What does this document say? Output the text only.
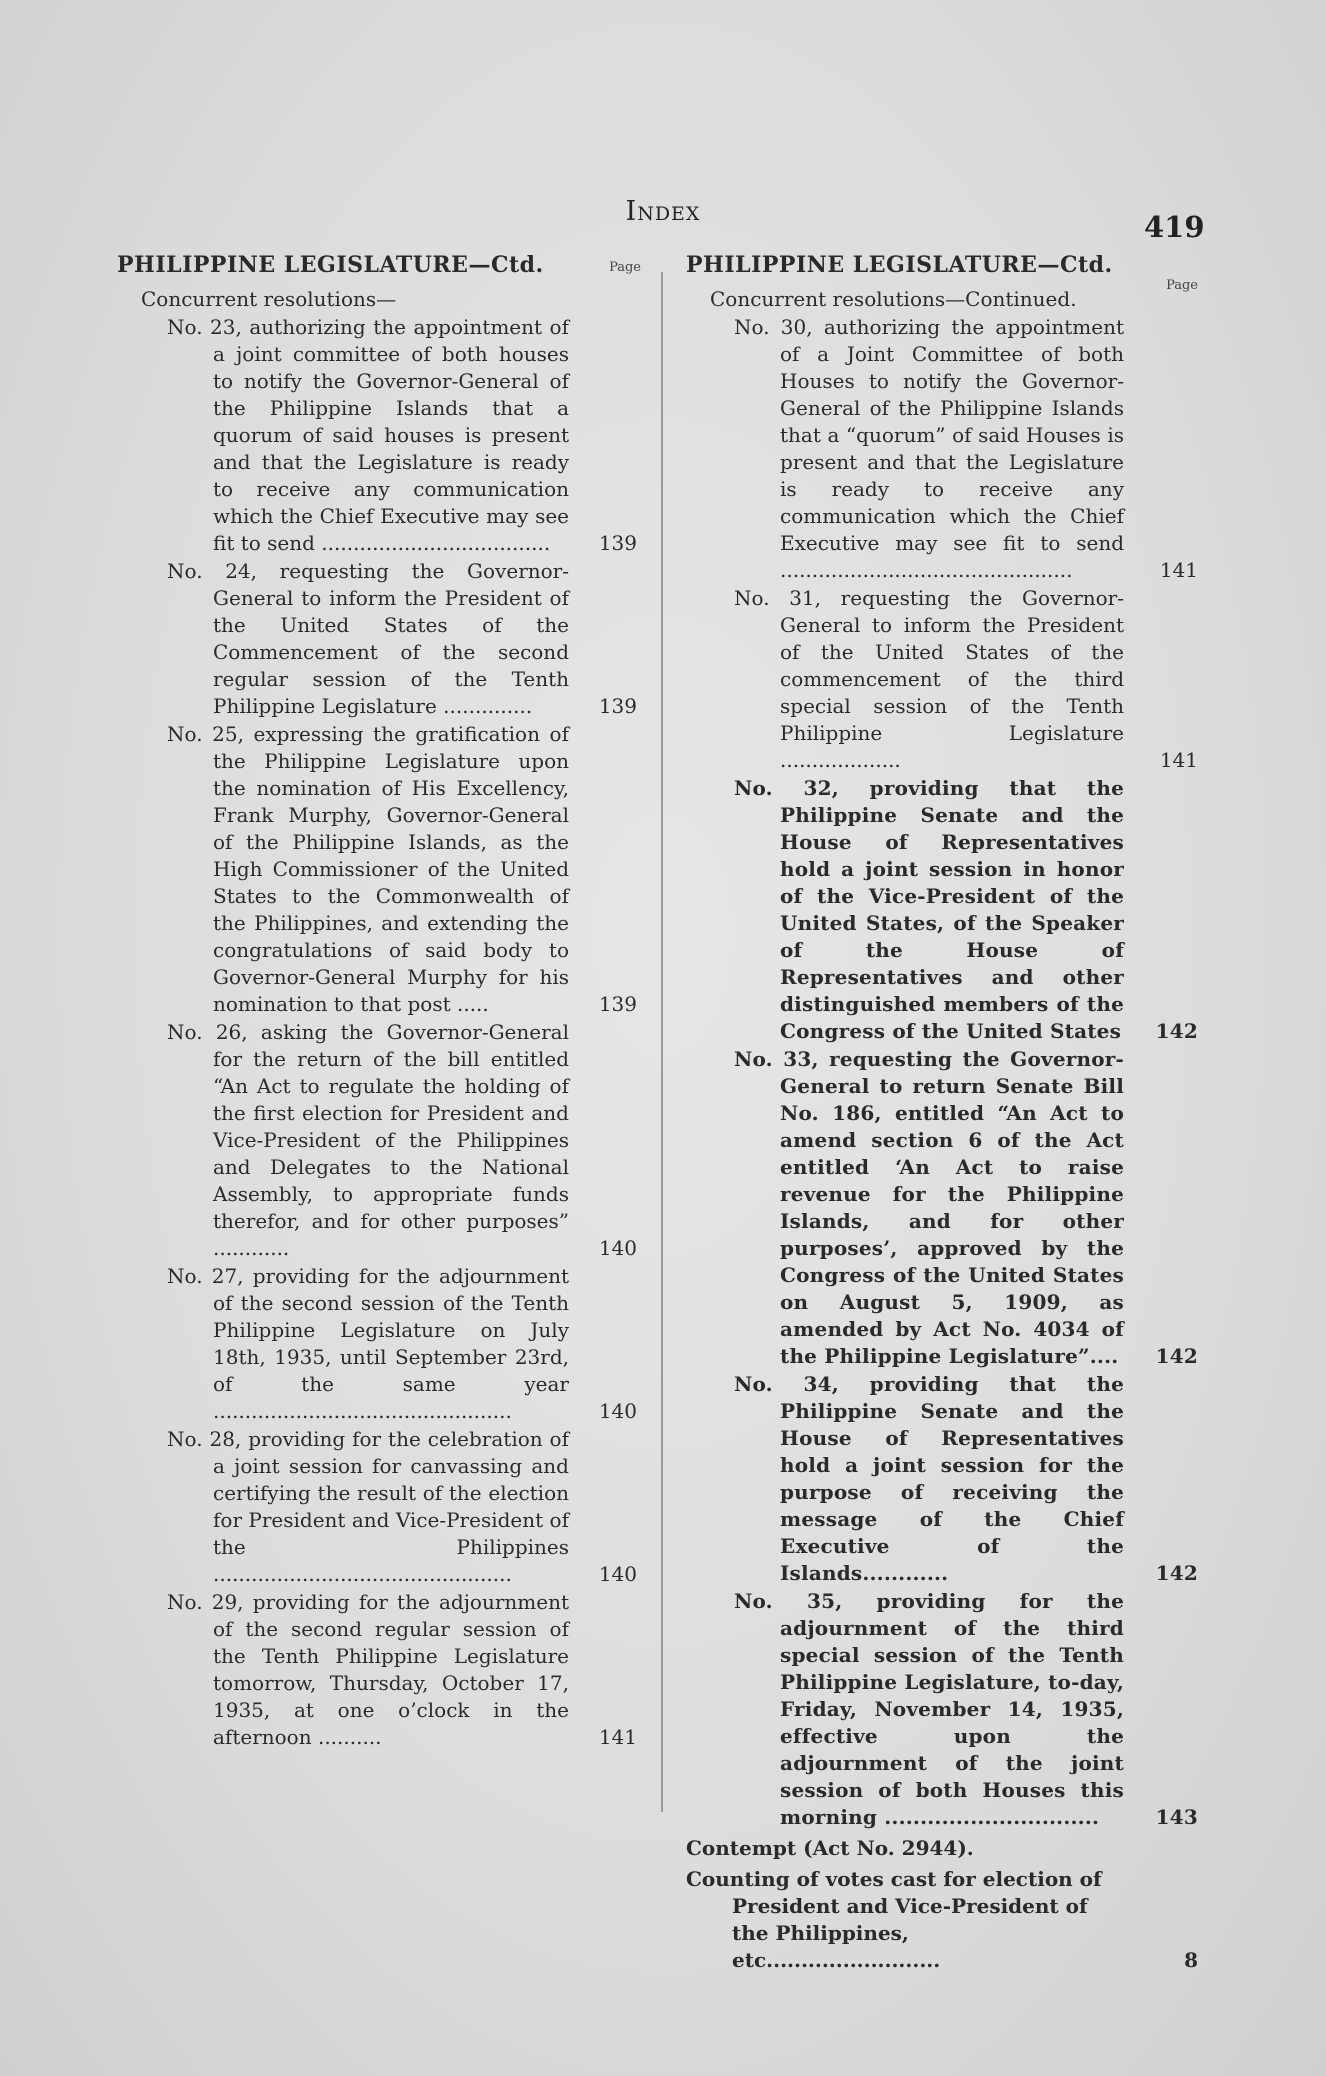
Index	419
PHILIPPINE LEGISLATURE—Ctd.	Page
Concurrent resolutions—
No. 23, authorizing the appointment of a joint committee of both houses to notify the Governor-General of the Philippine Islands that a quorum of said houses is present and that the Legislature is ready to receive any communication which the Chief Executive may see fit to send .................................... 139
No. 24, requesting the Governor-General to inform the President of the United States of the Commencement of the second regular session of the Tenth Philippine Legislature ..............	139
No. 25, expressing the gratification of the Philippine Legislature upon the nomination of His Excellency, Frank Murphy, Governor-General of the Philippine Islands, as the High Commissioner of the United States to the Commonwealth of the Philippines, and extending the congratulations of said body to Governor-General Murphy for his nomination to that post .....	139
No. 26, asking the Governor-General for the return of the bill entitled “An Act to regulate the holding of the first election for President and Vice-President of the Philippines and Delegates to the National Assembly, to appropriate funds therefor, and for other purposes” ............	140
No. 27, providing for the adjournment of the second session of the Tenth Philippine Legislature on July 18th, 1935, until September 23rd, of the same year ...............................................	140
No. 28, providing for the celebration of a joint session for canvassing and certifying the result of the election for President and Vice-President of the Philippines ...............................................	140
No. 29, providing for the adjournment of the second regular session of the Tenth Philippine Legislature tomorrow, Thursday, October 17, 1935, at one o’clock in the afternoon ..........	141
PHILIPPINE LEGISLATURE—Ctd.
Page
Concurrent resolutions—Continued.
No. 30, authorizing the appointment of a Joint Committee of both Houses to notify the Governor-General of the Philippine Islands that a “quorum” of said Houses is present and that the Legislature is ready to receive any communication which the Chief Executive may see fit to send ..............................................	141
No. 31, requesting the Governor-General to inform the President of the United States of the commencement of the third special session of the Tenth Philippine Legislature ...................	141
No. 32, providing that the Philippine Senate and the House of Representatives hold a joint session in honor of the Vice-President of the United States, of the Speaker of the House of Representatives and other distinguished members of the Congress of the United States 142
No. 33, requesting the Governor-General to return Senate Bill No. 186, entitled “An Act to amend section 6 of the Act entitled ‘An Act to raise revenue for the Philippine Islands, and for other purposes’, approved by the Congress of the United States on August 5, 1909, as amended by Act No. 4034 of the Philippine Legislature”.... 142
No. 34, providing that the Philippine Senate and the House of Representatives hold a joint session for the purpose of receiving the message of the Chief Executive of the Islands............	142
No. 35, providing for the adjournment of the third special session of the Tenth Philippine Legislature, to-day, Friday, November 14, 1935, effective upon the adjournment of the joint session of both Houses this morning ..............................	143
Contempt (Act No. 2944).
Counting of votes cast for election of President and Vice-President of the Philippines, etc.........................	8
